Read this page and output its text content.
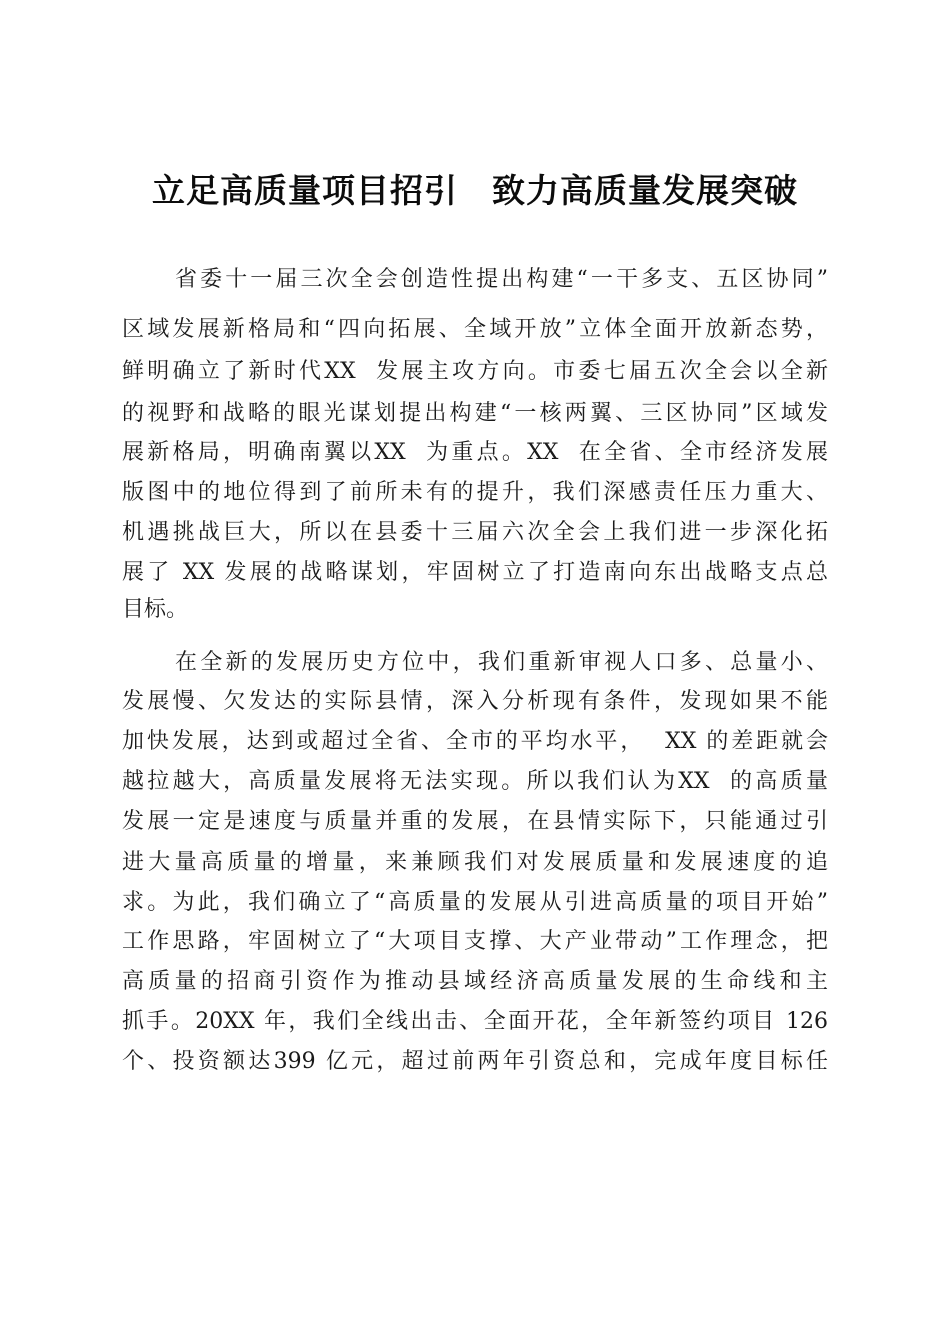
立足高质量项目招引　致力高质量发展突破
省委十一届三次全会创造性提出构建“一干多支、五区协同”
区域发展新格局和“四向拓展、全域开放”立体全面开放新态势，
鲜明确立了新时代XX  发展主攻方向。市委七届五次全会以全新
的视野和战略的眼光谋划提出构建“一核两翼、三区协同”区域发
展新格局，明确南翼以XX  为重点。XX  在全省、全市经济发展
版图中的地位得到了前所未有的提升，我们深感责任压力重大、
机遇挑战巨大，所以在县委十三届六次全会上我们进一步深化拓
展了 XX 发展的战略谋划，牢固树立了打造南向东出战略支点总
目标。
在全新的发展历史方位中，我们重新审视人口多、总量小、
发展慢、欠发达的实际县情，深入分析现有条件，发现如果不能
加快发展，达到或超过全省、全市的平均水平，  XX 的差距就会
越拉越大，高质量发展将无法实现。所以我们认为XX  的高质量
发展一定是速度与质量并重的发展，在县情实际下，只能通过引
进大量高质量的增量，来兼顾我们对发展质量和发展速度的追
求。为此，我们确立了“高质量的发展从引进高质量的项目开始”
工作思路，牢固树立了“大项目支撑、大产业带动”工作理念，把
高质量的招商引资作为推动县域经济高质量发展的生命线和主
抓手。20XX 年，我们全线出击、全面开花，全年新签约项目 126
个、投资额达399 亿元，超过前两年引资总和，完成年度目标任
